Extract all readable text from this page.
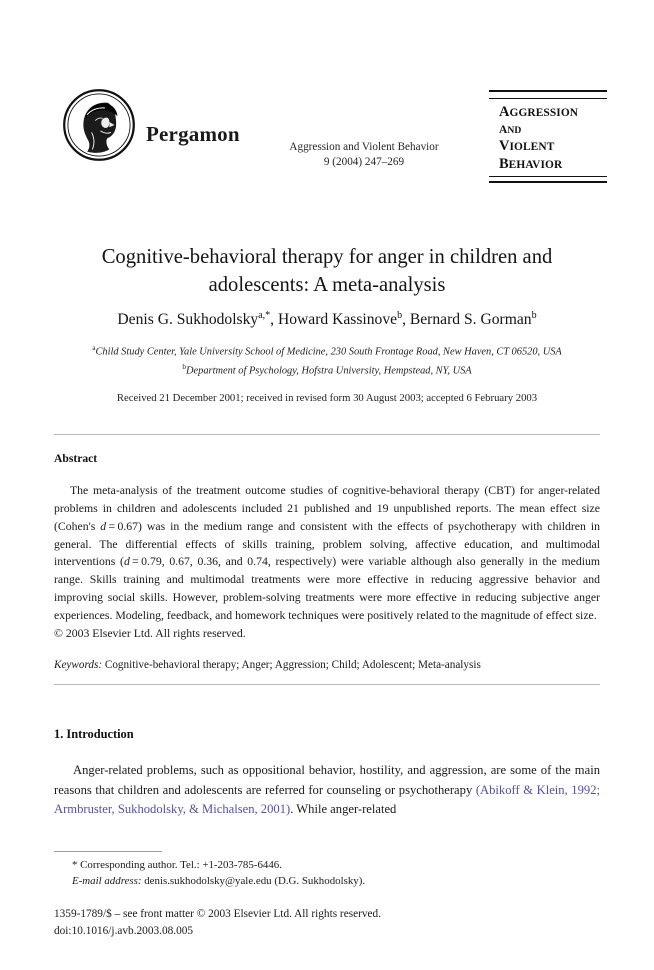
Pergamon
Aggression and Violent Behavior
9 (2004) 247–269
AGGRESSION
AND
VIOLENT
BEHAVIOR
Cognitive-behavioral therapy for anger in children and adolescents: A meta-analysis
Denis G. Sukhodolsky$^{a,*}$, Howard Kassinove$^b$, Bernard S. Gorman$^b$
$^a$Child Study Center, Yale University School of Medicine, 230 South Frontage Road, New Haven, CT 06520, USA
$^b$Department of Psychology, Hofstra University, Hempstead, NY, USA
Received 21 December 2001; received in revised form 30 August 2003; accepted 6 February 2003
Abstract

The meta-analysis of the treatment outcome studies of cognitive-behavioral therapy (CBT) for anger-related problems in children and adolescents included 21 published and 19 unpublished reports. The mean effect size (Cohen's d = 0.67) was in the medium range and consistent with the effects of psychotherapy with children in general. The differential effects of skills training, problem solving, affective education, and multimodal interventions (d = 0.79, 0.67, 0.36, and 0.74, respectively) were variable although also generally in the medium range. Skills training and multimodal treatments were more effective in reducing aggressive behavior and improving social skills. However, problem-solving treatments were more effective in reducing subjective anger experiences. Modeling, feedback, and homework techniques were positively related to the magnitude of effect size.

© 2003 Elsevier Ltd. All rights reserved.

Keywords: Cognitive-behavioral therapy; Anger; Aggression; Child; Adolescent; Meta-analysis
1. Introduction
Anger-related problems, such as oppositional behavior, hostility, and aggression, are some of the main reasons that children and adolescents are referred for counseling or psychotherapy (Abikoff & Klein, 1992; Armbruster, Sukhodolsky, & Michalsen, 2001). While anger-related
* Corresponding author. Tel.: +1-203-785-6446.
E-mail address: denis.sukhodolsky@yale.edu (D.G. Sukhodolsky).
1359-1789/$ – see front matter © 2003 Elsevier Ltd. All rights reserved.
doi:10.1016/j.avb.2003.08.005
